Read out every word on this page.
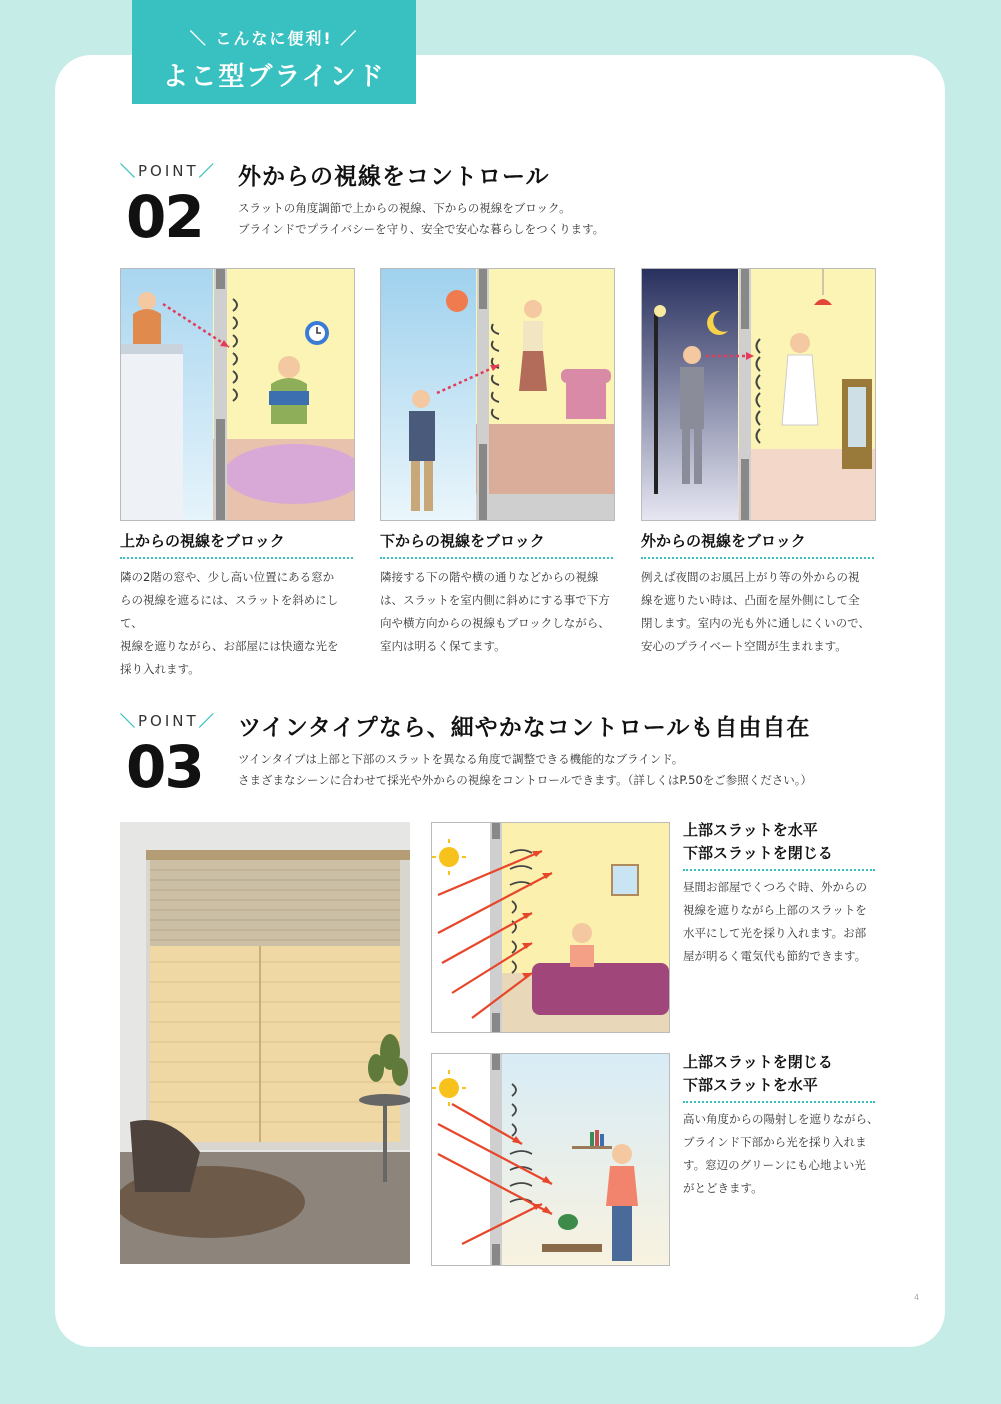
＼ こんなに便利! ／
よこ型ブラインド
＼POINT／
02
外からの視線をコントロール
スラットの角度調節で上からの視線、下からの視線をブロック。
ブラインドでプライバシーを守り、安全で安心な暮らしをつくります。
上からの視線をブロック
隣の2階の窓や、少し高い位置にある窓か
らの視線を遮るには、スラットを斜めにして、
視線を遮りながら、お部屋には快適な光を
採り入れます。
下からの視線をブロック
隣接する下の階や横の通りなどからの視線
は、スラットを室内側に斜めにする事で下方
向や横方向からの視線もブロックしながら、
室内は明るく保てます。
外からの視線をブロック
例えば夜間のお風呂上がり等の外からの視
線を遮りたい時は、凸面を屋外側にして全
閉します。室内の光も外に通しにくいので、
安心のプライベート空間が生まれます。
＼POINT／
03
ツインタイプなら、細やかなコントロールも自由自在
ツインタイプは上部と下部のスラットを異なる角度で調整できる機能的なブラインド。
さまざまなシーンに合わせて採光や外からの視線をコントロールできます。（詳しくはP.50をご参照ください。）
上部スラットを水平
下部スラットを閉じる
昼間お部屋でくつろぐ時、外からの
視線を遮りながら上部のスラットを
水平にして光を採り入れます。お部
屋が明るく電気代も節約できます。
上部スラットを閉じる
下部スラットを水平
高い角度からの陽射しを遮りながら、
ブラインド下部から光を採り入れま
す。窓辺のグリーンにも心地よい光
がとどきます。
4
